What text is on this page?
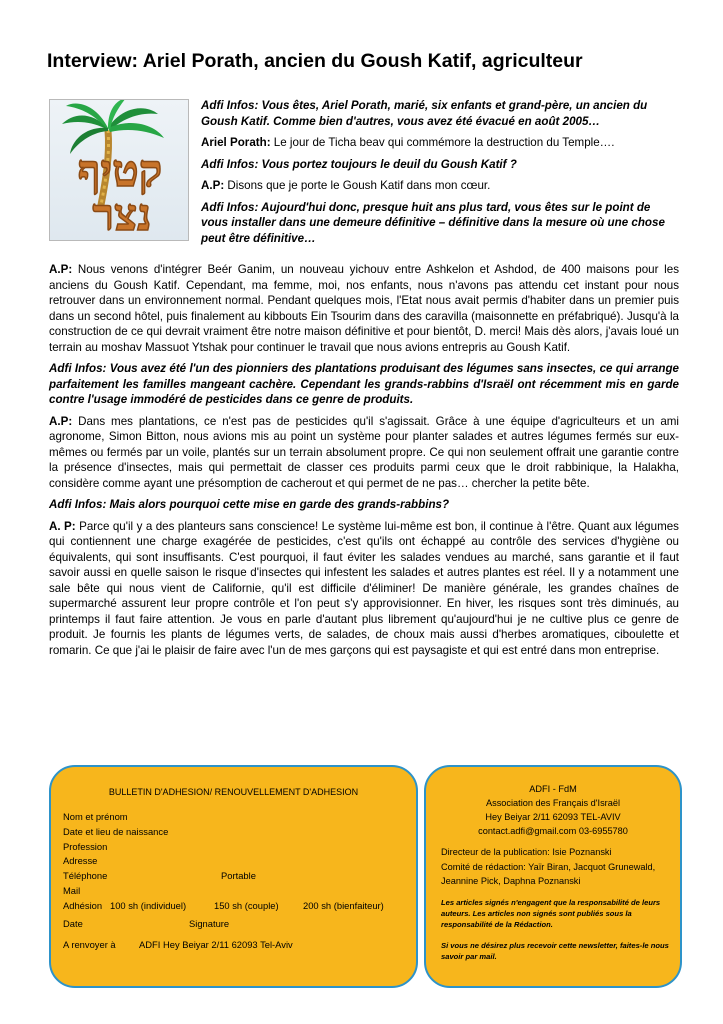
Interview: Ariel Porath, ancien du Goush Katif, agriculteur
קטיף
נצר

Adfi Infos: Vous êtes, Ariel Porath, marié, six enfants et grand-père, un ancien du Goush Katif. Comme bien d'autres, vous avez été évacué en août 2005…

Ariel Porath: Le jour de Ticha beav qui commémore la destruction du Temple….

Adfi Infos: Vous portez toujours le deuil du Goush Katif ?

A.P: Disons que je porte le Goush Katif dans mon cœur.

Adfi Infos: Aujourd'hui donc, presque huit ans plus tard, vous êtes sur le point de vous installer dans une demeure définitive – définitive dans la mesure où une chose peut être définitive…

A.P: Nous venons d'intégrer Beér Ganim, un nouveau yichouv entre Ashkelon et Ashdod, de 400 maisons pour les anciens du Goush Katif. Cependant, ma femme, moi, nos enfants, nous n'avons pas attendu cet instant pour nous retrouver dans un environnement normal. Pendant quelques mois, l'Etat nous avait permis d'habiter dans un premier puis dans un second hôtel, puis finalement au kibbouts Ein Tsourim dans des caravilla (maisonnette en préfabriqué). Jusqu'à la construction de ce qui devrait vraiment être notre maison définitive et pour bientôt, D. merci! Mais dès alors, j'avais loué un terrain au moshav Massuot Ytshak pour continuer le travail que nous avions entrepris au Goush Katif.

Adfi Infos: Vous avez été l'un des pionniers des plantations produisant des légumes sans insectes, ce qui arrange parfaitement les familles mangeant cachère. Cependant les grands-rabbins d'Israël ont récemment mis en garde contre l'usage immodéré de pesticides dans ce genre de produits.

A.P: Dans mes plantations, ce n'est pas de pesticides qu'il s'agissait. Grâce à une équipe d'agriculteurs et un ami agronome, Simon Bitton, nous avions mis au point un système pour planter salades et autres légumes fermés sur eux-mêmes ou fermés par un voile, plantés sur un terrain absolument propre. Ce qui non seulement offrait une garantie contre la présence d'insectes, mais qui permettait de classer ces produits parmi ceux que le droit rabbinique, la Halakha, considère comme ayant une présomption de cacherout et qui permet de ne pas… chercher la petite bête.

Adfi Infos: Mais alors pourquoi cette mise en garde des grands-rabbins?

A. P: Parce qu'il y a des planteurs sans conscience! Le système lui-même est bon, il continue à l'être. Quant aux légumes qui contiennent une charge exagérée de pesticides, c'est qu'ils ont échappé au contrôle des services d'hygiène ou équivalents, qui sont insuffisants. C'est pourquoi, il faut éviter les salades vendues au marché, sans garantie et il faut savoir aussi en quelle saison le risque d'insectes qui infestent les salades et autres plantes est réel. Il y a notamment une sale bête qui nous vient de Californie, qu'il est difficile d'éliminer! De manière générale, les grandes chaînes de supermarché assurent leur propre contrôle et l'on peut s'y approvisionner. En hiver, les risques sont très diminués, au printemps il faut faire attention. Je vous en parle d'autant plus librement qu'aujourd'hui je ne cultive plus ce genre de produit. Je fournis les plants de légumes verts, de salades, de choux mais aussi d'herbes aromatiques, ciboulette et romarin. Ce que j'ai le plaisir de faire avec l'un de mes garçons qui est paysagiste et qui est entré dans mon entreprise.

BULLETIN D'ADHESION/ RENOUVELLEMENT D'ADHESION
Nom et prénom
Date et lieu de naissance
Profession
Adresse
Téléphone	Portable
Mail
Adhésion 100 sh (individuel)	150 sh (couple)	200 sh (bienfaiteur)
Date	Signature
A renvoyer à ADFI Hey Beiyar 2/11 62093 Tel-Aviv
ADFI - FdM
Association des Français d'Israël
Hey Beiyar 2/11 62093 TEL-AVIV
contact.adfi@gmail.com 03-6955780
Directeur de la publication: Isie Poznanski
Comité de rédaction: Yaïr Biran, Jacquot Grunewald, Jeannine Pick, Daphna Poznanski
Les articles signés n'engagent que la responsabilité de leurs auteurs. Les articles non signés sont publiés sous la responsabilité de la Rédaction.
Si vous ne désirez plus recevoir cette newsletter, faites-le nous savoir par mail.
